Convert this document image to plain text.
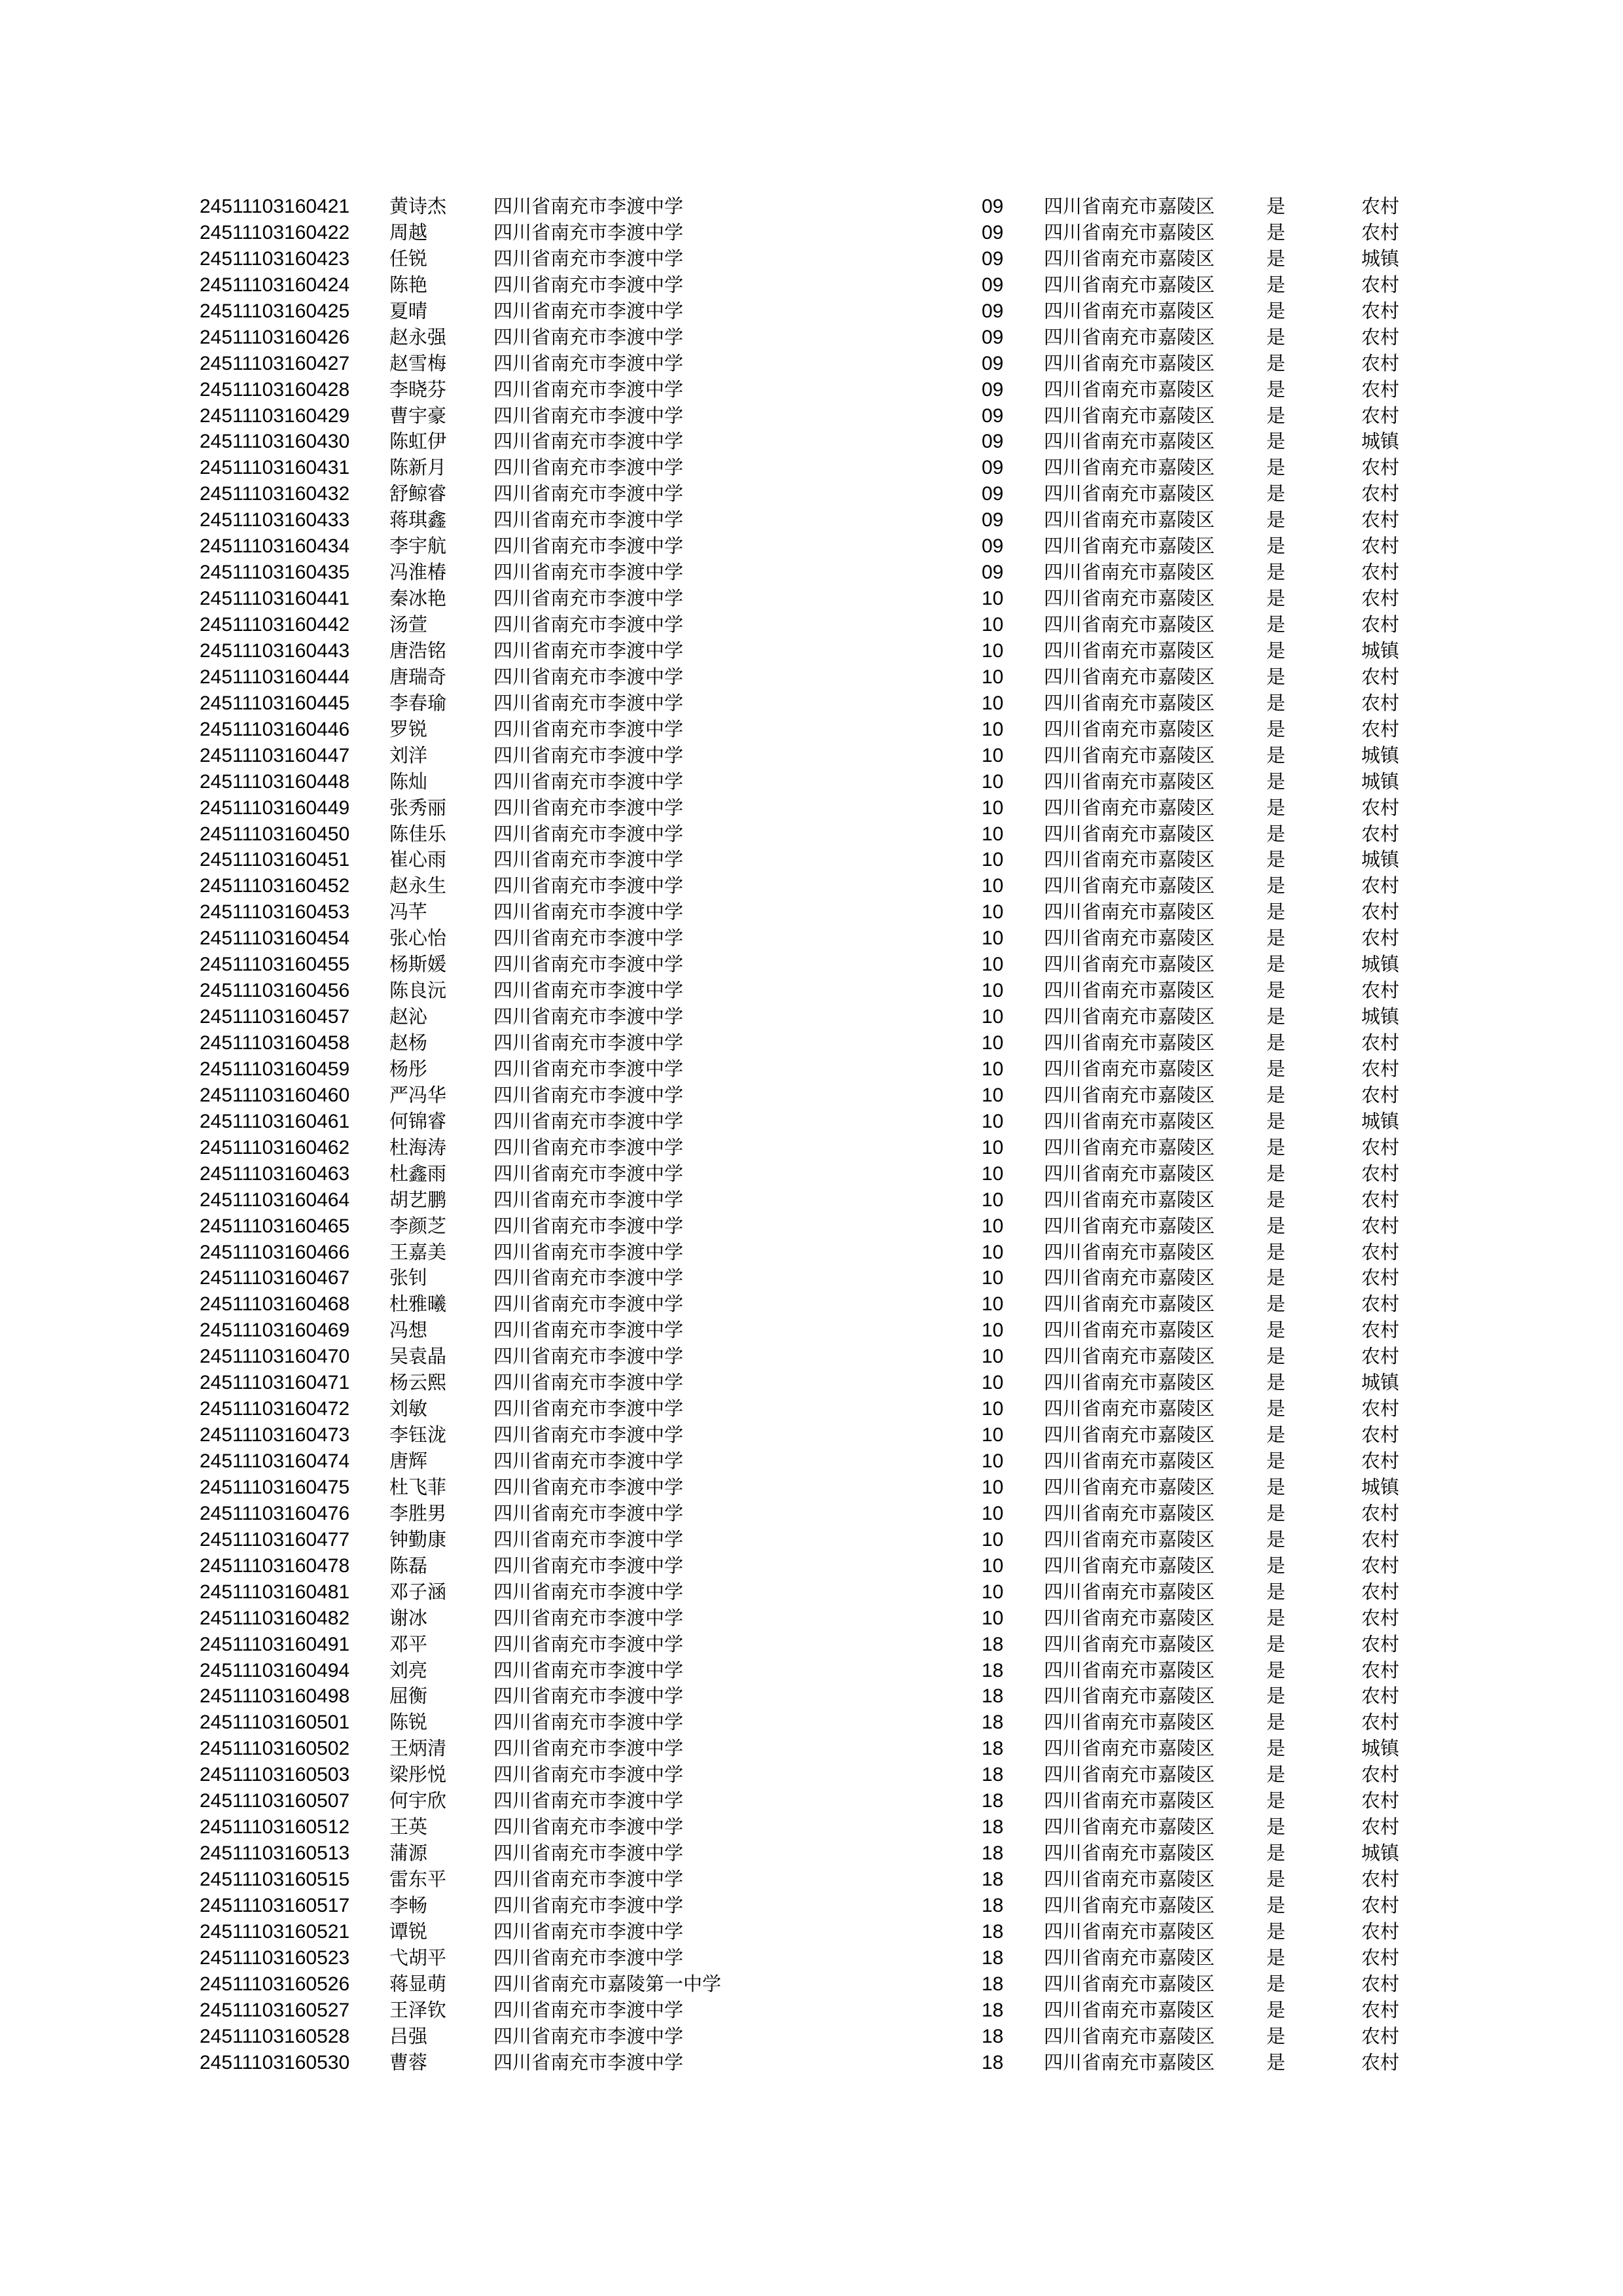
24511103160421 黄诗杰 四川省南充市李渡中学	09 四川省南充市嘉陵区	是	农村
24511103160422 周越	四川省南充市李渡中学	09 四川省南充市嘉陵区	是	农村
24511103160423 任锐	四川省南充市李渡中学	09 四川省南充市嘉陵区	是	城镇
24511103160424 陈艳	四川省南充市李渡中学	09 四川省南充市嘉陵区	是	农村
24511103160425 夏晴	四川省南充市李渡中学	09 四川省南充市嘉陵区	是	农村
24511103160426 赵永强 四川省南充市李渡中学	09 四川省南充市嘉陵区	是	农村
24511103160427 赵雪梅 四川省南充市李渡中学	09 四川省南充市嘉陵区	是	农村
24511103160428 李晓芬 四川省南充市李渡中学	09 四川省南充市嘉陵区	是	农村
24511103160429 曹宇豪 四川省南充市李渡中学	09 四川省南充市嘉陵区	是	农村
24511103160430 陈虹伊 四川省南充市李渡中学	09 四川省南充市嘉陵区	是	城镇
24511103160431 陈新月 四川省南充市李渡中学	09 四川省南充市嘉陵区	是	农村
24511103160432 舒鲸睿 四川省南充市李渡中学	09 四川省南充市嘉陵区	是	农村
24511103160433 蒋琪鑫 四川省南充市李渡中学	09 四川省南充市嘉陵区	是	农村
24511103160434 李宇航 四川省南充市李渡中学	09 四川省南充市嘉陵区	是	农村
24511103160435 冯淮椿 四川省南充市李渡中学	09 四川省南充市嘉陵区	是	农村
24511103160441 秦冰艳 四川省南充市李渡中学	10 四川省南充市嘉陵区	是	农村
24511103160442 汤萱	四川省南充市李渡中学	10 四川省南充市嘉陵区	是	农村
24511103160443 唐浩铭 四川省南充市李渡中学	10 四川省南充市嘉陵区	是	城镇
24511103160444 唐瑞奇 四川省南充市李渡中学	10 四川省南充市嘉陵区	是	农村
24511103160445 李春瑜 四川省南充市李渡中学	10 四川省南充市嘉陵区	是	农村
24511103160446 罗锐	四川省南充市李渡中学	10 四川省南充市嘉陵区	是	农村
24511103160447 刘洋	四川省南充市李渡中学	10 四川省南充市嘉陵区	是	城镇
24511103160448 陈灿	四川省南充市李渡中学	10 四川省南充市嘉陵区	是	城镇
24511103160449 张秀丽 四川省南充市李渡中学	10 四川省南充市嘉陵区	是	农村
24511103160450 陈佳乐 四川省南充市李渡中学	10 四川省南充市嘉陵区	是	农村
24511103160451 崔心雨 四川省南充市李渡中学	10 四川省南充市嘉陵区	是	城镇
24511103160452 赵永生 四川省南充市李渡中学	10 四川省南充市嘉陵区	是	农村
24511103160453 冯芊	四川省南充市李渡中学	10 四川省南充市嘉陵区	是	农村
24511103160454 张心怡 四川省南充市李渡中学	10 四川省南充市嘉陵区	是	农村
24511103160455 杨斯媛 四川省南充市李渡中学	10 四川省南充市嘉陵区	是	城镇
24511103160456 陈良沅 四川省南充市李渡中学	10 四川省南充市嘉陵区	是	农村
24511103160457 赵沁	四川省南充市李渡中学	10 四川省南充市嘉陵区	是	城镇
24511103160458 赵杨	四川省南充市李渡中学	10 四川省南充市嘉陵区	是	农村
24511103160459 杨彤	四川省南充市李渡中学	10 四川省南充市嘉陵区	是	农村
24511103160460 严冯华 四川省南充市李渡中学	10 四川省南充市嘉陵区	是	农村
24511103160461 何锦睿 四川省南充市李渡中学	10 四川省南充市嘉陵区	是	城镇
24511103160462 杜海涛 四川省南充市李渡中学	10 四川省南充市嘉陵区	是	农村
24511103160463 杜鑫雨 四川省南充市李渡中学	10 四川省南充市嘉陵区	是	农村
24511103160464 胡艺鹏 四川省南充市李渡中学	10 四川省南充市嘉陵区	是	农村
24511103160465 李颜芝 四川省南充市李渡中学	10 四川省南充市嘉陵区	是	农村
24511103160466 王嘉美 四川省南充市李渡中学	10 四川省南充市嘉陵区	是	农村
24511103160467 张钊	四川省南充市李渡中学	10 四川省南充市嘉陵区	是	农村
24511103160468 杜雅曦 四川省南充市李渡中学	10 四川省南充市嘉陵区	是	农村
24511103160469 冯想	四川省南充市李渡中学	10 四川省南充市嘉陵区	是	农村
24511103160470 吴袁晶 四川省南充市李渡中学	10 四川省南充市嘉陵区	是	农村
24511103160471 杨云熙 四川省南充市李渡中学	10 四川省南充市嘉陵区	是	城镇
24511103160472 刘敏	四川省南充市李渡中学	10 四川省南充市嘉陵区	是	农村
24511103160473 李钰泷 四川省南充市李渡中学	10 四川省南充市嘉陵区	是	农村
24511103160474 唐辉	四川省南充市李渡中学	10 四川省南充市嘉陵区	是	农村
24511103160475 杜飞菲 四川省南充市李渡中学	10 四川省南充市嘉陵区	是	城镇
24511103160476 李胜男 四川省南充市李渡中学	10 四川省南充市嘉陵区	是	农村
24511103160477 钟勤康 四川省南充市李渡中学	10 四川省南充市嘉陵区	是	农村
24511103160478 陈磊	四川省南充市李渡中学	10 四川省南充市嘉陵区	是	农村
24511103160481 邓子涵 四川省南充市李渡中学	10 四川省南充市嘉陵区	是	农村
24511103160482 谢冰	四川省南充市李渡中学	10 四川省南充市嘉陵区	是	农村
24511103160491 邓平	四川省南充市李渡中学	18 四川省南充市嘉陵区	是	农村
24511103160494 刘亮	四川省南充市李渡中学	18 四川省南充市嘉陵区	是	农村
24511103160498 屈衡	四川省南充市李渡中学	18 四川省南充市嘉陵区	是	农村
24511103160501 陈锐	四川省南充市李渡中学	18 四川省南充市嘉陵区	是	农村
24511103160502 王炳清 四川省南充市李渡中学	18 四川省南充市嘉陵区	是	城镇
24511103160503 梁彤悦 四川省南充市李渡中学	18 四川省南充市嘉陵区	是	农村
24511103160507 何宇欣 四川省南充市李渡中学	18 四川省南充市嘉陵区	是	农村
24511103160512 王英	四川省南充市李渡中学	18 四川省南充市嘉陵区	是	农村
24511103160513 蒲源	四川省南充市李渡中学	18 四川省南充市嘉陵区	是	城镇
24511103160515 雷东平 四川省南充市李渡中学	18 四川省南充市嘉陵区	是	农村
24511103160517 李畅	四川省南充市李渡中学	18 四川省南充市嘉陵区	是	农村
24511103160521 谭锐	四川省南充市李渡中学	18 四川省南充市嘉陵区	是	农村
24511103160523 弋胡平 四川省南充市李渡中学	18 四川省南充市嘉陵区	是	农村
24511103160526 蒋显萌 四川省南充市嘉陵第一中学	18 四川省南充市嘉陵区	是	农村
24511103160527 王泽钦 四川省南充市李渡中学	18 四川省南充市嘉陵区	是	农村
24511103160528 吕强	四川省南充市李渡中学	18 四川省南充市嘉陵区	是	农村
24511103160530 曹蓉	四川省南充市李渡中学	18 四川省南充市嘉陵区	是	农村
